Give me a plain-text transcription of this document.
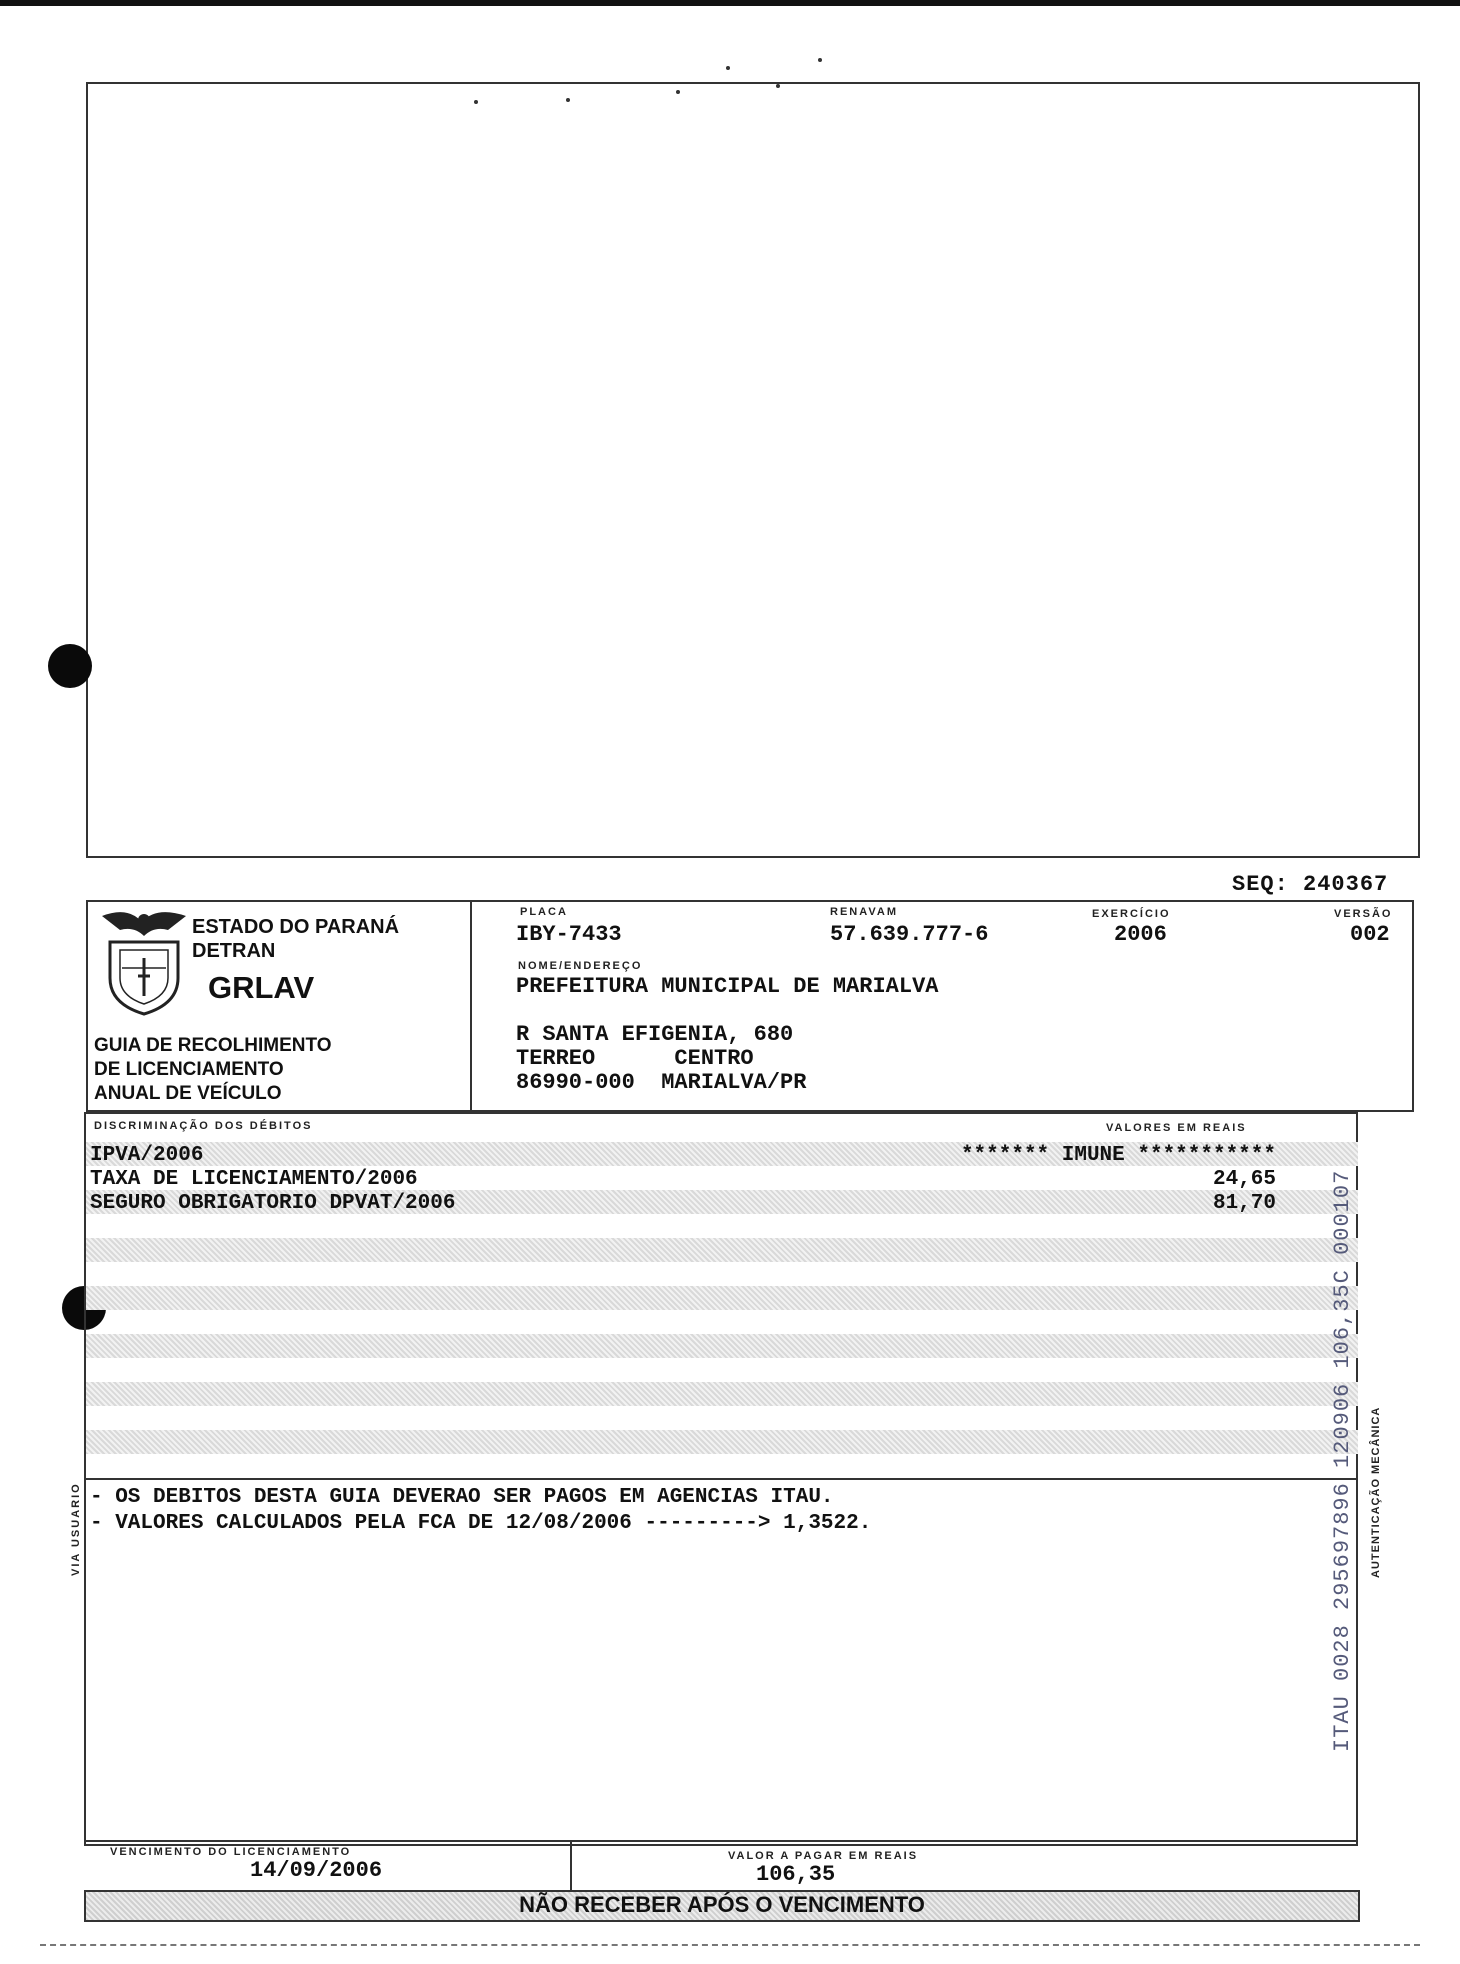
SEQ: 240367
ESTADO DO PARANÁ
DETRAN
GRLAV
GUIA DE RECOLHIMENTO
DE LICENCIAMENTO
ANUAL DE VEÍCULO
PLACA
IBY-7433
RENAVAM
57.639.777-6
EXERCÍCIO
2006
VERSÃO
002
NOME/ENDEREÇO
PREFEITURA MUNICIPAL DE MARIALVA
R SANTA EFIGENIA, 680
TERREO      CENTRO
86990-000  MARIALVA/PR
DISCRIMINAÇÃO DOS DÉBITOS	VALORES EM REAIS
IPVA/2006	******* IMUNE ***********
TAXA DE LICENCIAMENTO/2006	24,65
SEGURO OBRIGATORIO DPVAT/2006	81,70
- OS DEBITOS DESTA GUIA DEVERAO SER PAGOS EM AGENCIAS ITAU.
- VALORES CALCULADOS PELA FCA DE 12/08/2006 ---------> 1,3522.
VIA USUARIO	AUTENTICAÇÃO MECÂNICA
ITAU 0028 295697896 120906 106,35C 000107
VENCIMENTO DO LICENCIAMENTO
14/09/2006
VALOR A PAGAR EM REAIS
106,35
NÃO RECEBER APÓS O VENCIMENTO
